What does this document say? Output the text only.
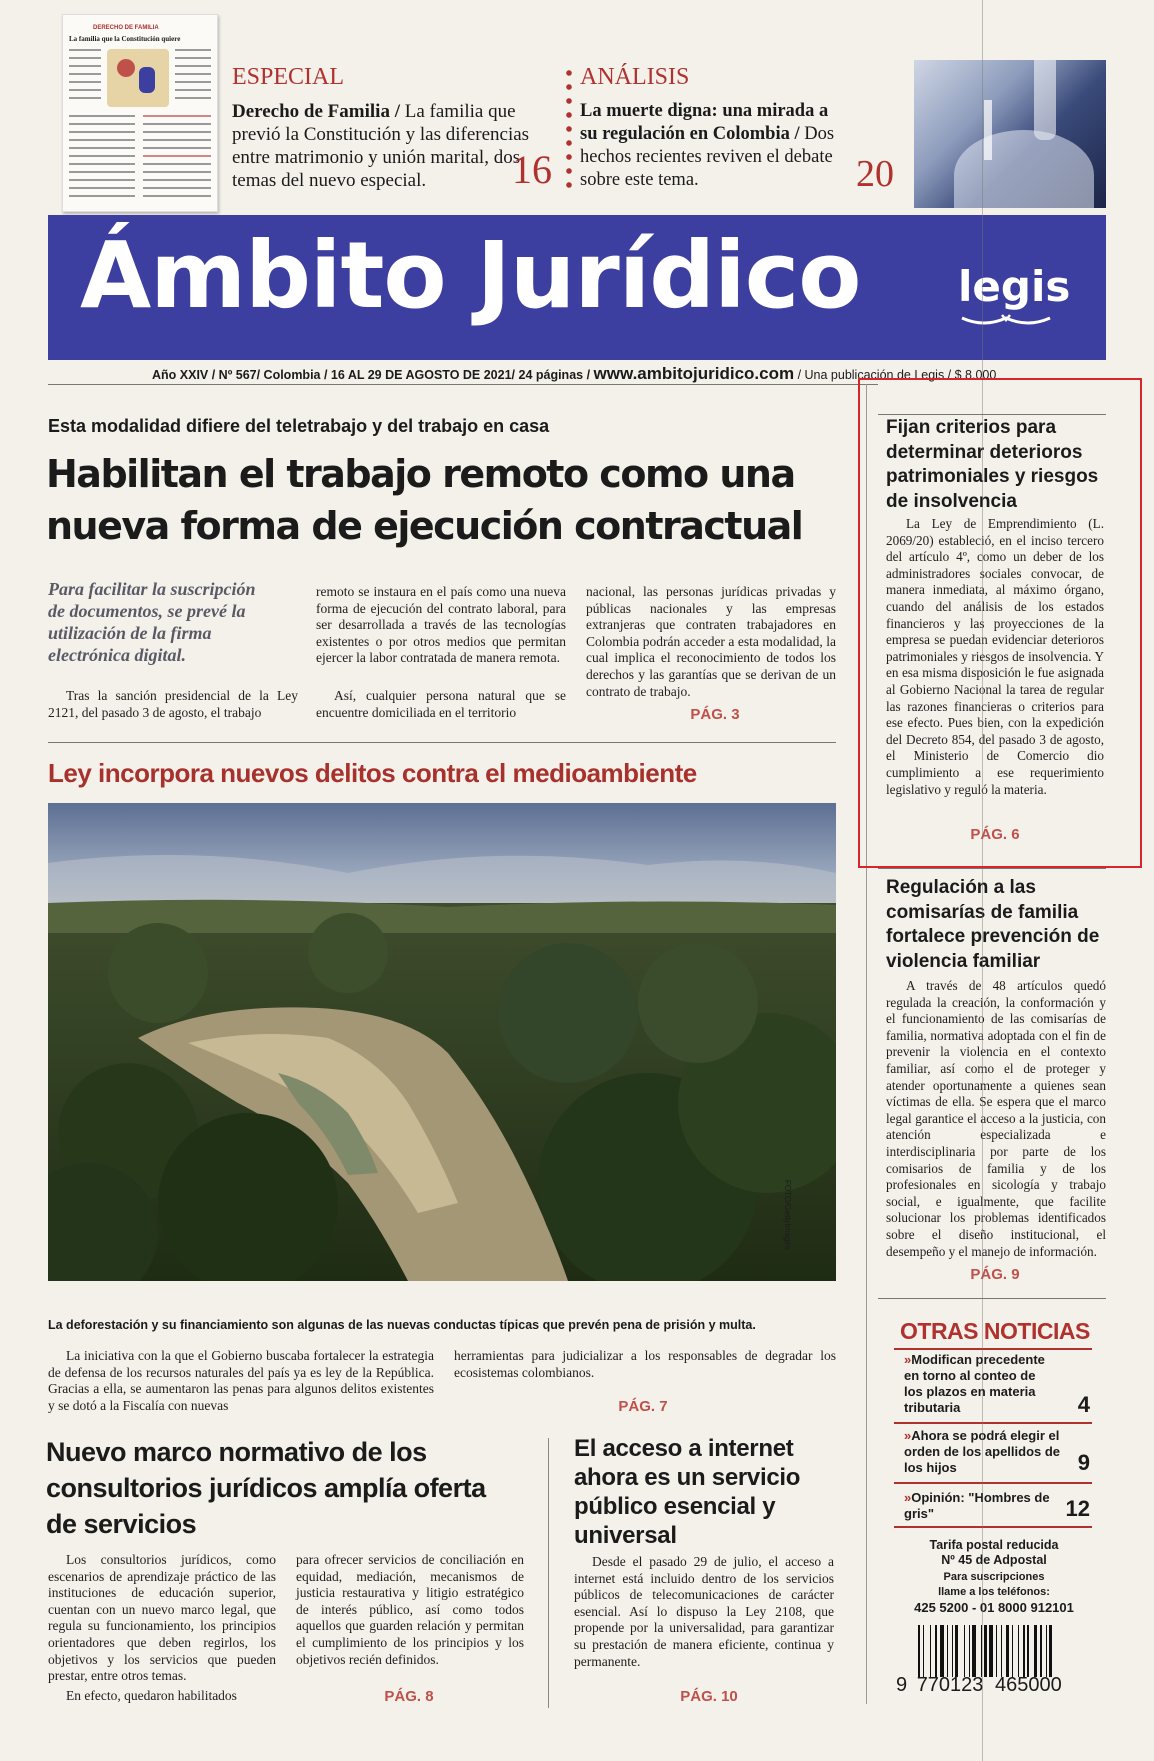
DERECHO DE FAMILIA
La familia que la Constitución quiere
ESPECIAL
Derecho de Familia / La familia que previó la Constitución y las diferencias entre matrimonio y unión marital, dos temas del nuevo especial.	16
ANÁLISIS
La muerte digna: una mirada a su regulación en Colombia / Dos hechos recientes reviven el debate sobre este tema.	20
Ámbito Jurídico legis
Año XXIV / Nº 567/ Colombia / 16 AL 29 DE AGOSTO DE 2021/ 24 páginas / www.ambitojuridico.com / Una publicación de Legis / $ 8.000
Esta modalidad difiere del teletrabajo y del trabajo en casa
Habilitan el trabajo remoto como una nueva forma de ejecución contractual
Para facilitar la suscripción de documentos, se prevé la utilización de la firma electrónica digital.
Tras la sanción presidencial de la Ley 2121, del pasado 3 de agosto, el trabajo
remoto se instaura en el país como una nueva forma de ejecución del contrato laboral, para ser desarrollada a través de las tecnologías existentes o por otros medios que permitan ejercer la labor contratada de manera remota.
Así, cualquier persona natural que se encuentre domiciliada en el territorio
nacional, las personas jurídicas privadas y públicas nacionales y las empresas extranjeras que contraten trabajadores en Colombia podrán acceder a esta modalidad, la cual implica el reconocimiento de todos los derechos y las garantías que se derivan de un contrato de trabajo.
PÁG. 3
Ley incorpora nuevos delitos contra el medioambiente
FOTO/GettyImages
La deforestación y su financiamiento son algunas de las nuevas conductas típicas que prevén pena de prisión y multa.
La iniciativa con la que el Gobierno buscaba fortalecer la estrategia de defensa de los recursos naturales del país ya es ley de la República. Gracias a ella, se aumentaron las penas para algunos delitos existentes y se dotó a la Fiscalía con nuevas
herramientas para judicializar a los responsables de degradar los ecosistemas colombianos.
PÁG. 7
Nuevo marco normativo de los consultorios jurídicos amplía oferta de servicios
Los consultorios jurídicos, como escenarios de aprendizaje práctico de las instituciones de educación superior, cuentan con un nuevo marco legal, que regula su funcionamiento, los principios orientadores que deben regirlos, los objetivos y los servicios que pueden prestar, entre otros temas.
En efecto, quedaron habilitados
para ofrecer servicios de conciliación en equidad, mediación, mecanismos de justicia restaurativa y litigio estratégico de interés público, así como todos aquellos que guarden relación y permitan el cumplimiento de los principios y los objetivos recién definidos.
PÁG. 8
El acceso a internet ahora es un servicio público esencial y universal
Desde el pasado 29 de julio, el acceso a internet está incluido dentro de los servicios públicos de telecomunicaciones de carácter esencial. Así lo dispuso la Ley 2108, que propende por la universalidad, para garantizar su prestación de manera eficiente, continua y permanente.
PÁG. 10
Fijan criterios para determinar deterioros patrimoniales y riesgos de insolvencia
La Ley de Emprendimiento (L. 2069/20) estableció, en el inciso tercero del artículo 4º, como un deber de los administradores sociales convocar, de manera inmediata, al máximo órgano, cuando del análisis de los estados financieros y las proyecciones de la empresa se puedan evidenciar deterioros patrimoniales y riesgos de insolvencia. Y en esa misma disposición le fue asignada al Gobierno Nacional la tarea de regular las razones financieras o criterios para ese efecto. Pues bien, con la expedición del Decreto 854, del pasado 3 de agosto, el Ministerio de Comercio dio cumplimiento a ese requerimiento legislativo y reguló la materia.
PÁG. 6
Regulación a las comisarías de familia fortalece prevención de violencia familiar
A través de 48 artículos quedó regulada la creación, la conformación y el funcionamiento de las comisarías de familia, normativa adoptada con el fin de prevenir la violencia en el contexto familiar, así como el de proteger y atender oportunamente a quienes sean víctimas de ella. Se espera que el marco legal garantice el acceso a la justicia, con atención especializada e interdisciplinaria por parte de los comisarios de familia y de los profesionales en sicología y trabajo social, e igualmente, que facilite solucionar los problemas identificados sobre el diseño institucional, el desempeño y el manejo de información.
PÁG. 9
OTRAS NOTICIAS
»Modifican precedente en torno al conteo de los plazos en materia tributaria	4
»Ahora se podrá elegir el orden de los apellidos de los hijos	9
»Opinión: "Hombres de gris"	12
Tarifa postal reducida
Nº 45 de Adpostal
Para suscripciones
llame a los teléfonos:
425 5200 - 01 8000 912101
9 770123 465000
